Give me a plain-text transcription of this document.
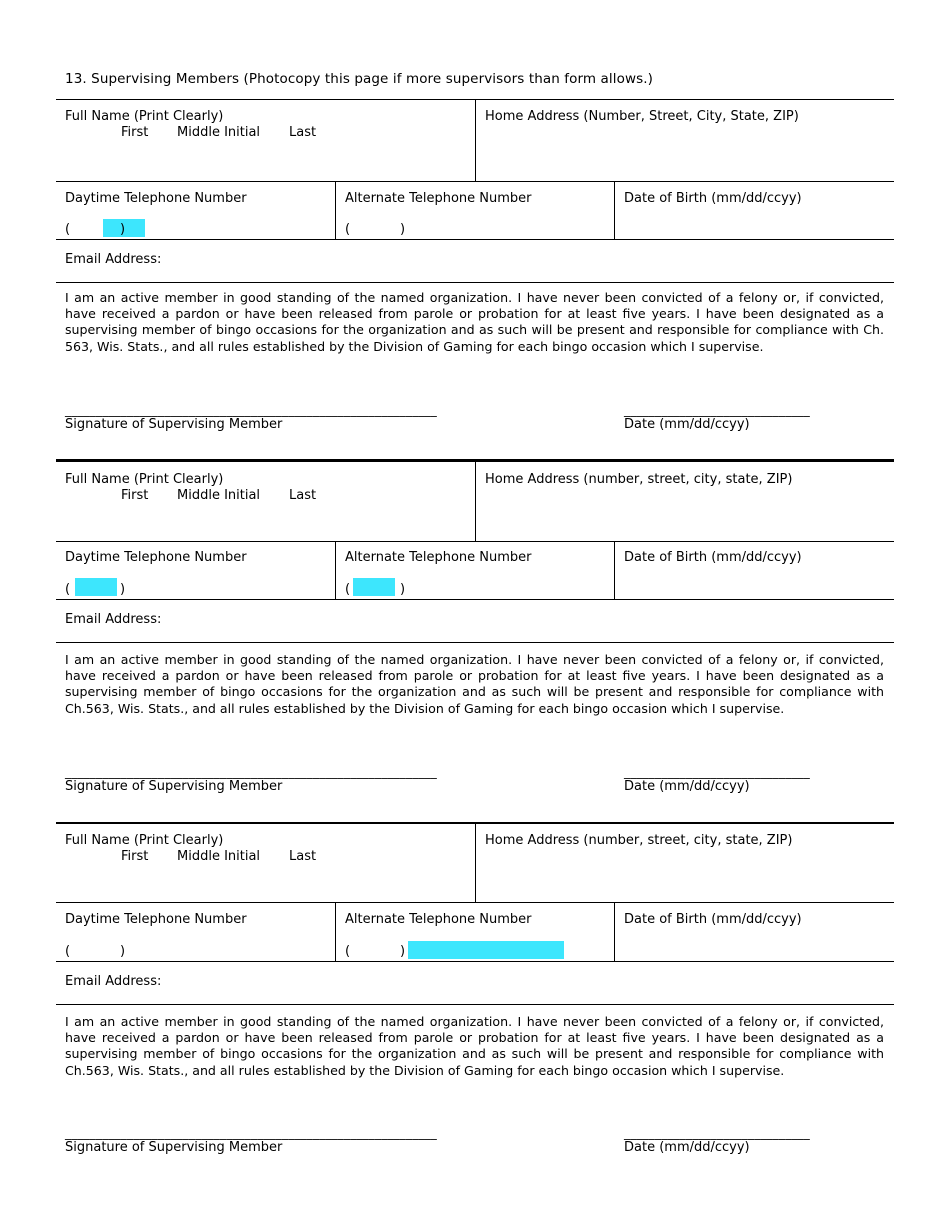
13. Supervising Members (Photocopy this page if more supervisors than form allows.)
Full Name (Print Clearly)
First Middle Initial Last
Home Address (Number, Street, City, State, ZIP)
Daytime Telephone Number
(	)
Alternate Telephone Number
(	)
Date of Birth (mm/dd/ccyy)
Email Address:
I am an active member in good standing of the named organization. I have never been convicted of a felony or, if convicted, have received a pardon or have been released from parole or probation for at least five years. I have been designated as a supervising member of bingo occasions for the organization and as such will be present and responsible for compliance with Ch. 563, Wis. Stats., and all rules established by the Division of Gaming for each bingo occasion which I supervise.
____________________________________________________________	______________________________
Signature of Supervising Member	Date (mm/dd/ccyy)
Full Name (Print Clearly)
First Middle Initial Last
Home Address (number, street, city, state, ZIP)
Daytime Telephone Number
(	)
Alternate Telephone Number
(	)
Date of Birth (mm/dd/ccyy)
Email Address:
I am an active member in good standing of the named organization. I have never been convicted of a felony or, if convicted, have received a pardon or have been released from parole or probation for at least five years. I have been designated as a supervising member of bingo occasions for the organization and as such will be present and responsible for compliance with Ch.563, Wis. Stats., and all rules established by the Division of Gaming for each bingo occasion which I supervise.
____________________________________________________________	______________________________
Signature of Supervising Member	Date (mm/dd/ccyy)
Full Name (Print Clearly)
First Middle Initial Last
Home Address (number, street, city, state, ZIP)
Daytime Telephone Number
(	)
Alternate Telephone Number
(	)
Date of Birth (mm/dd/ccyy)
Email Address:
I am an active member in good standing of the named organization. I have never been convicted of a felony or, if convicted, have received a pardon or have been released from parole or probation for at least five years. I have been designated as a supervising member of bingo occasions for the organization and as such will be present and responsible for compliance with Ch.563, Wis. Stats., and all rules established by the Division of Gaming for each bingo occasion which I supervise.
____________________________________________________________	______________________________
Signature of Supervising Member	Date (mm/dd/ccyy)
